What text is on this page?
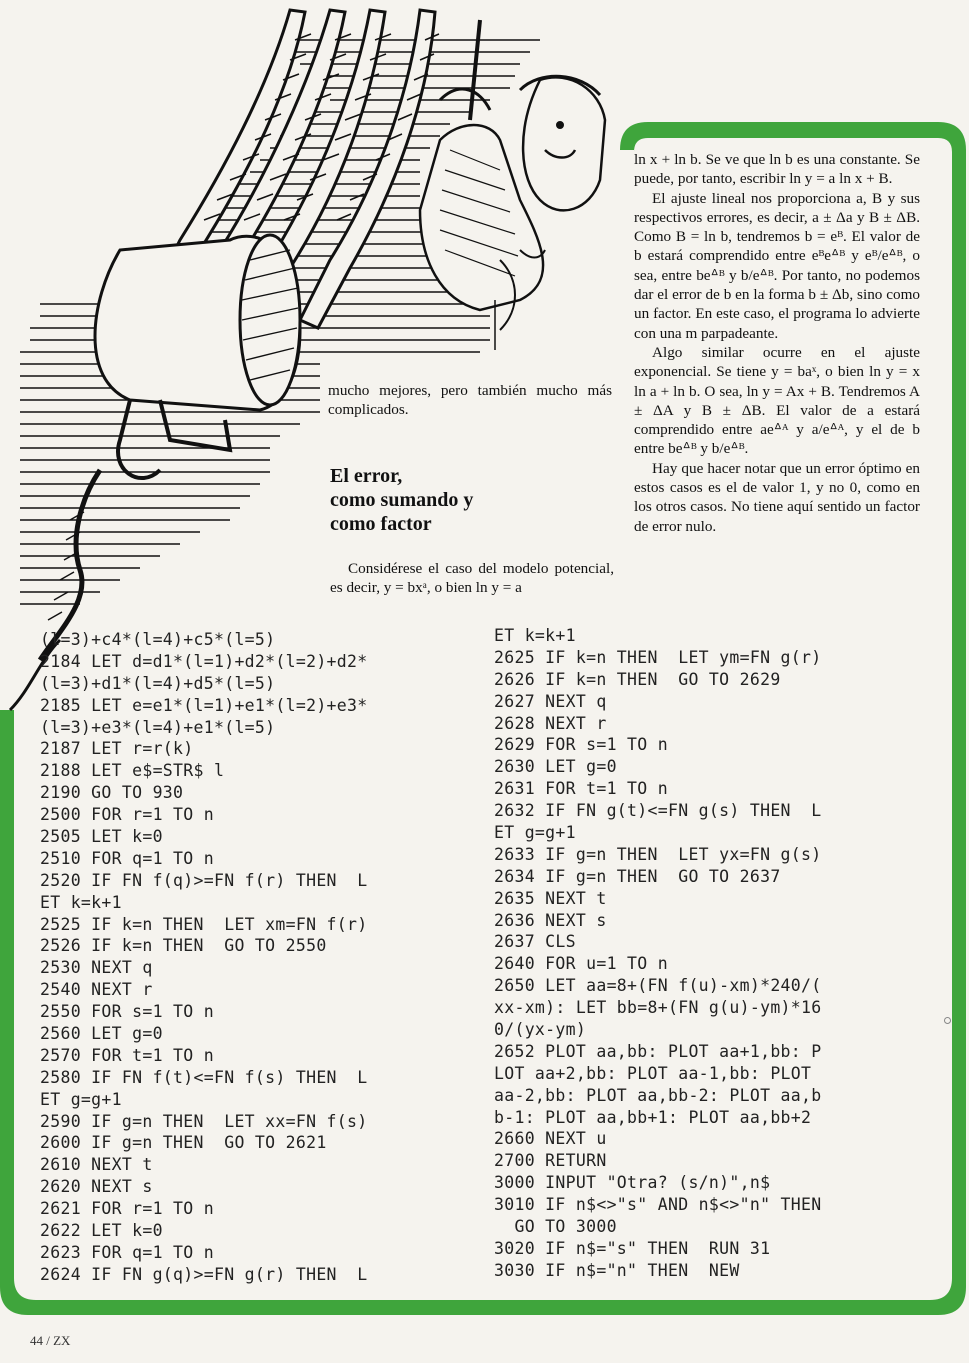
ln x + ln b. Se ve que ln b es una constante. Se puede, por tanto, escribir ln y = a ln x + B.

El ajuste lineal nos proporciona a, B y sus respectivos errores, es decir, a ± Δa y B ± ΔB. Como B = ln b, tendremos b = eᴮ. El valor de b estará comprendido entre eᴮeᐞᴮ y eᴮ/eᐞᴮ, o sea, entre beᐞᴮ y b/eᐞᴮ. Por tanto, no podemos dar el error de b en la forma b ± Δb, sino como un factor. En este caso, el programa lo advierte con una m parpadeante.

Algo similar ocurre en el ajuste exponencial. Se tiene y = baˣ, o bien ln y = x ln a + ln b. O sea, ln y = Ax + B. Tendremos A ± ΔA y B ± ΔB. El valor de a estará comprendido entre aeᐞᴬ y a/eᐞᴬ, y el de b entre beᐞᴮ y b/eᐞᴮ.

Hay que hacer notar que un error óptimo en estos casos es el de valor 1, y no 0, como en los otros casos. No tiene aquí sentido un factor de error nulo.

mucho mejores, pero también mucho más complicados.

El error,
como sumando y
como factor

Considérese el caso del modelo potencial, es decir, y = bxᵃ, o bien ln y = a

(l=3)+c4*(l=4)+c5*(l=5)
2184 LET d=d1*(l=1)+d2*(l=2)+d2*
(l=3)+d1*(l=4)+d5*(l=5)
2185 LET e=e1*(l=1)+e1*(l=2)+e3*
(l=3)+e3*(l=4)+e1*(l=5)
2187 LET r=r(k)
2188 LET e$=STR$ l
2190 GO TO 930
2500 FOR r=1 TO n
2505 LET k=0
2510 FOR q=1 TO n
2520 IF FN f(q)>=FN f(r) THEN  L
ET k=k+1
2525 IF k=n THEN  LET xm=FN f(r)
2526 IF k=n THEN  GO TO 2550
2530 NEXT q
2540 NEXT r
2550 FOR s=1 TO n
2560 LET g=0
2570 FOR t=1 TO n
2580 IF FN f(t)<=FN f(s) THEN  L
ET g=g+1
2590 IF g=n THEN  LET xx=FN f(s)
2600 IF g=n THEN  GO TO 2621
2610 NEXT t
2620 NEXT s
2621 FOR r=1 TO n
2622 LET k=0
2623 FOR q=1 TO n
2624 IF FN g(q)>=FN g(r) THEN  L
ET k=k+1
2625 IF k=n THEN  LET ym=FN g(r)
2626 IF k=n THEN  GO TO 2629
2627 NEXT q
2628 NEXT r
2629 FOR s=1 TO n
2630 LET g=0
2631 FOR t=1 TO n
2632 IF FN g(t)<=FN g(s) THEN  L
ET g=g+1
2633 IF g=n THEN  LET yx=FN g(s)
2634 IF g=n THEN  GO TO 2637
2635 NEXT t
2636 NEXT s
2637 CLS
2640 FOR u=1 TO n
2650 LET aa=8+(FN f(u)-xm)*240/(
xx-xm): LET bb=8+(FN g(u)-ym)*16
0/(yx-ym)
2652 PLOT aa,bb: PLOT aa+1,bb: P
LOT aa+2,bb: PLOT aa-1,bb: PLOT
aa-2,bb: PLOT aa,bb-2: PLOT aa,b
b-1: PLOT aa,bb+1: PLOT aa,bb+2
2660 NEXT u
2700 RETURN
3000 INPUT "Otra? (s/n)",n$
3010 IF n$<>"s" AND n$<>"n" THEN
GO TO 3000
3020 IF n$="s" THEN  RUN 31
3030 IF n$="n" THEN  NEW
44 / ZX
